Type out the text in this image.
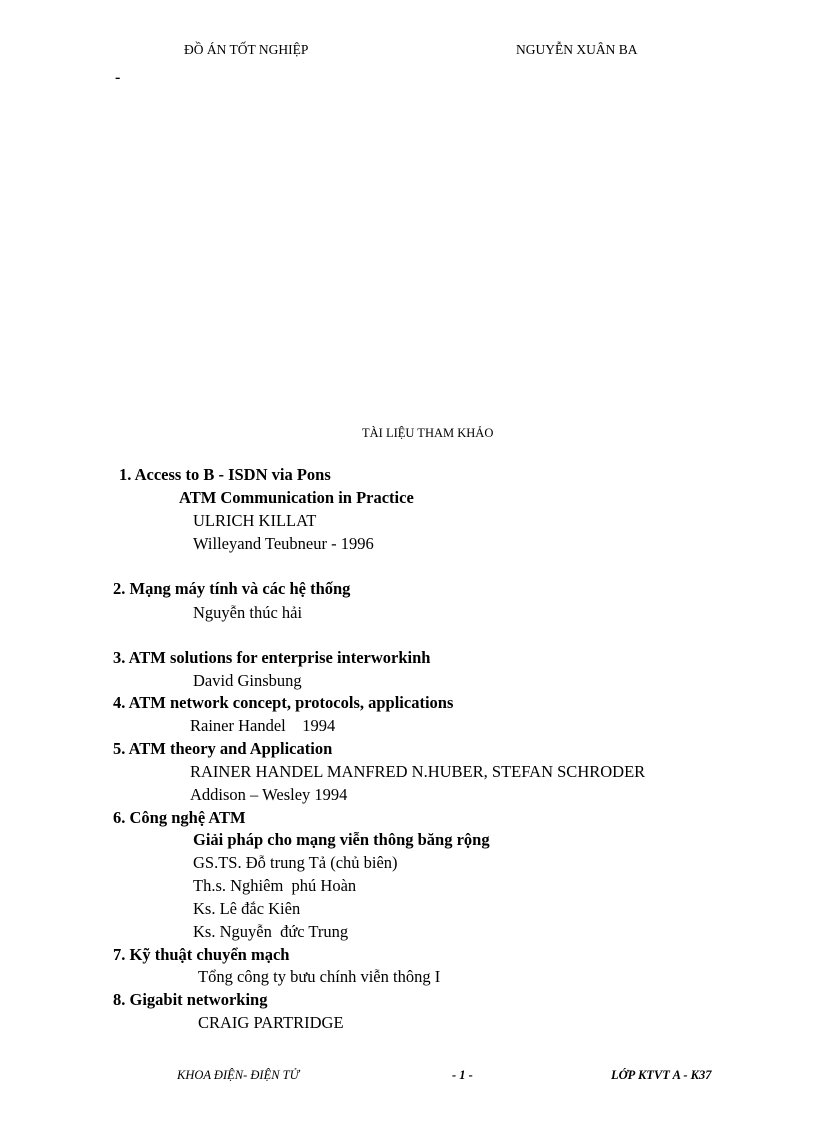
ĐỒ ÁN TỐT NGHIỆP	NGUYỄN XUÂN BA
-
TÀI LIỆU THAM KHẢO
1. Access to B - ISDN via Pons
ATM Communication in Practice
ULRICH KILLAT
Willeyand Teubneur - 1996
2. Mạng máy tính và các hệ thống
Nguyễn thúc hải
3. ATM solutions for enterprise interworkinh
David Ginsbung
4. ATM network concept, protocols, applications
Rainer Handel    1994
5. ATM theory and Application
RAINER HANDEL MANFRED N.HUBER, STEFAN SCHRODER
Addison – Wesley 1994
6. Công nghệ ATM
Giải pháp cho mạng viễn thông băng rộng
GS.TS. Đỗ trung Tả (chủ biên)
Th.s. Nghiêm  phú Hoàn
Ks. Lê đắc Kiên
Ks. Nguyễn  đức Trung
7. Kỹ thuật chuyển mạch
Tổng công ty bưu chính viễn thông I
8. Gigabit networking
CRAIG PARTRIDGE
KHOA ĐIỆN- ĐIỆN TỬ	- 1 -	LỚP KTVT A - K37
